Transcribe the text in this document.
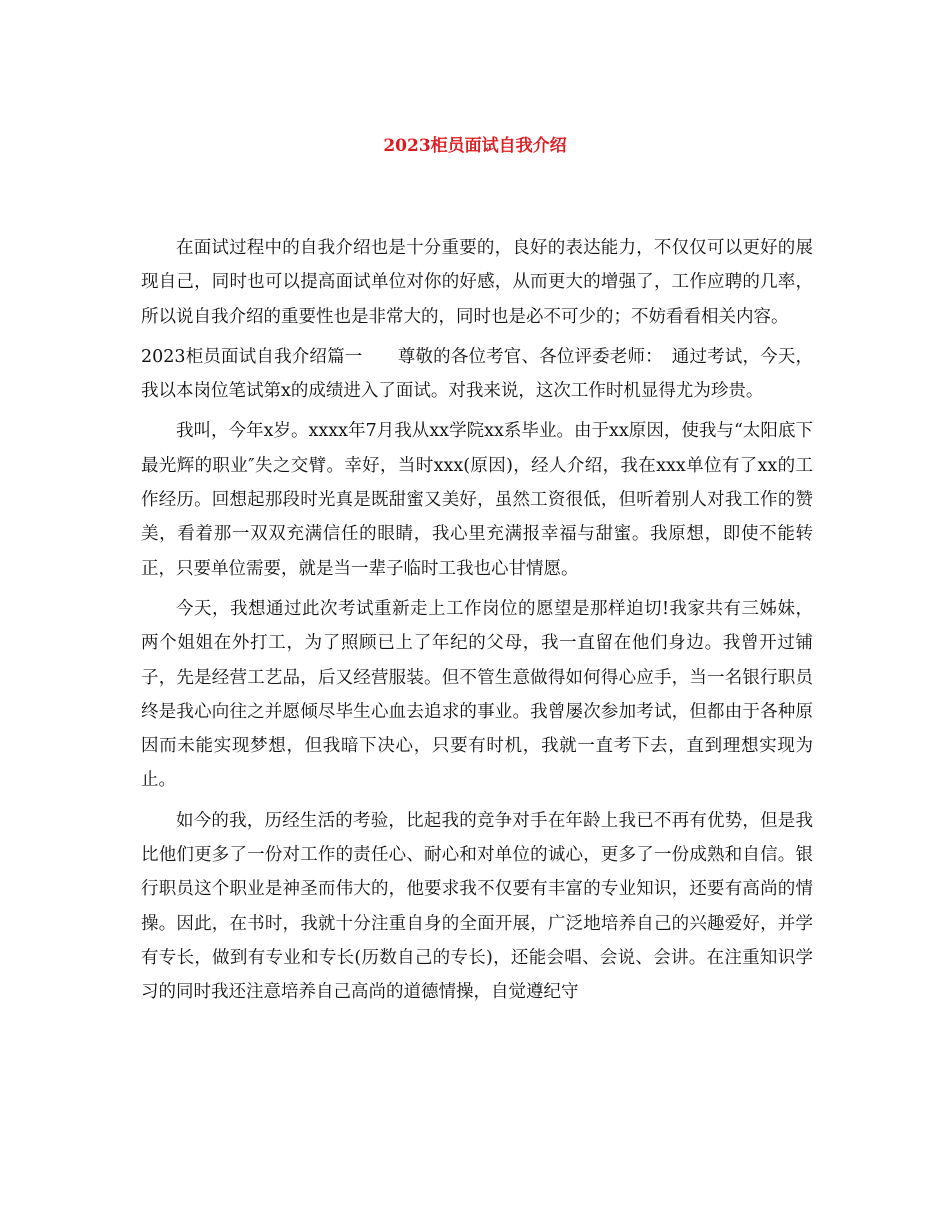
2023柜员面试自我介绍

在面试过程中的自我介绍也是十分重要的，良好的表达能力，不仅仅可以更好的展现自己，同时也可以提高面试单位对你的好感，从而更大的增强了，工作应聘的几率，所以说自我介绍的重要性也是非常大的，同时也是必不可少的；不妨看看相关内容。

2023柜员面试自我介绍篇一　　尊敬的各位考官、各位评委老师：　通过考试，今天，我以本岗位笔试第x的成绩进入了面试。对我来说，这次工作时机显得尤为珍贵。

我叫，今年x岁。xxxx年7月我从xx学院xx系毕业。由于xx原因，使我与“太阳底下最光辉的职业″失之交臂。幸好，当时xxx(原因)，经人介绍，我在xxx单位有了xx的工作经历。回想起那段时光真是既甜蜜又美好，虽然工资很低，但听着别人对我工作的赞美，看着那一双双充满信任的眼睛，我心里充满报幸福与甜蜜。我原想，即使不能转正，只要单位需要，就是当一辈子临时工我也心甘情愿。

今天，我想通过此次考试重新走上工作岗位的愿望是那样迫切!我家共有三姊妹，两个姐姐在外打工，为了照顾已上了年纪的父母，我一直留在他们身边。我曾开过铺子，先是经营工艺品，后又经营服装。但不管生意做得如何得心应手，当一名银行职员终是我心向往之并愿倾尽毕生心血去追求的事业。我曾屡次参加考试，但都由于各种原因而未能实现梦想，但我暗下决心，只要有时机，我就一直考下去，直到理想实现为止。

如今的我，历经生活的考验，比起我的竞争对手在年龄上我已不再有优势，但是我比他们更多了一份对工作的责任心、耐心和对单位的诚心，更多了一份成熟和自信。银行职员这个职业是神圣而伟大的，他要求我不仅要有丰富的专业知识，还要有高尚的情操。因此，在书时，我就十分注重自身的全面开展，广泛地培养自己的兴趣爱好，并学有专长，做到有专业和专长(历数自己的专长)，还能会唱、会说、会讲。在注重知识学习的同时我还注意培养自己高尚的道德情操，自觉遵纪守
